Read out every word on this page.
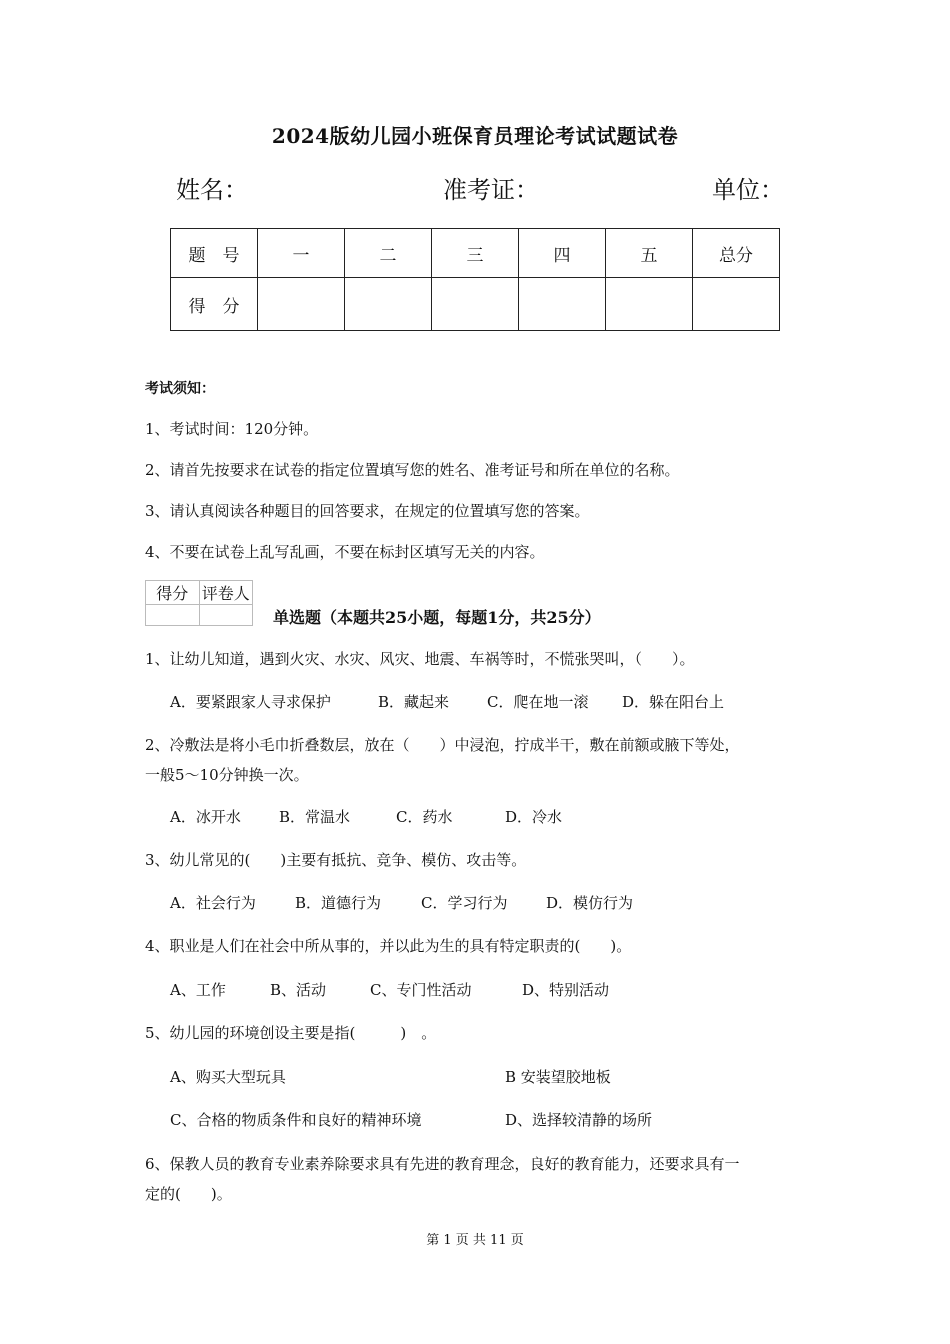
2024版幼儿园小班保育员理论考试试题试卷
姓名：	准考证：	单位：
题　号	一	二	三	四	五	总分
得　分						
考试须知：
1、考试时间：120分钟。
2、请首先按要求在试卷的指定位置填写您的姓名、准考证号和所在单位的名称。
3、请认真阅读各种题目的回答要求，在规定的位置填写您的答案。
4、不要在试卷上乱写乱画，不要在标封区填写无关的内容。
得分	评卷人

单选题（本题共25小题，每题1分，共25分）
1、让幼儿知道，遇到火灾、水灾、风灾、地震、车祸等时，不慌张哭叫，（　　）。
A．要紧跟家人寻求保护	B．藏起来	C．爬在地一滚 D．躲在阳台上
2、冷敷法是将小毛巾折叠数层，放在（　　）中浸泡，拧成半干，敷在前额或腋下等处，
一般5～10分钟换一次。
A．冰开水	B．常温水	C．药水	D．冷水
3、幼儿常见的(　　)主要有抵抗、竞争、模仿、攻击等。
A．社会行为	B．道德行为	C．学习行为	D．模仿行为
4、职业是人们在社会中所从事的，并以此为生的具有特定职责的(　　)。
A、工作	B、活动	C、专门性活动	D、特别活动
5、幼儿园的环境创设主要是指(　　　)　。
A、购买大型玩具	B 安装望胶地板
C、合格的物质条件和良好的精神环境	D、选择较清静的场所
6、保教人员的教育专业素养除要求具有先进的教育理念，良好的教育能力，还要求具有一
定的(　　)。
第 1 页 共 11 页
